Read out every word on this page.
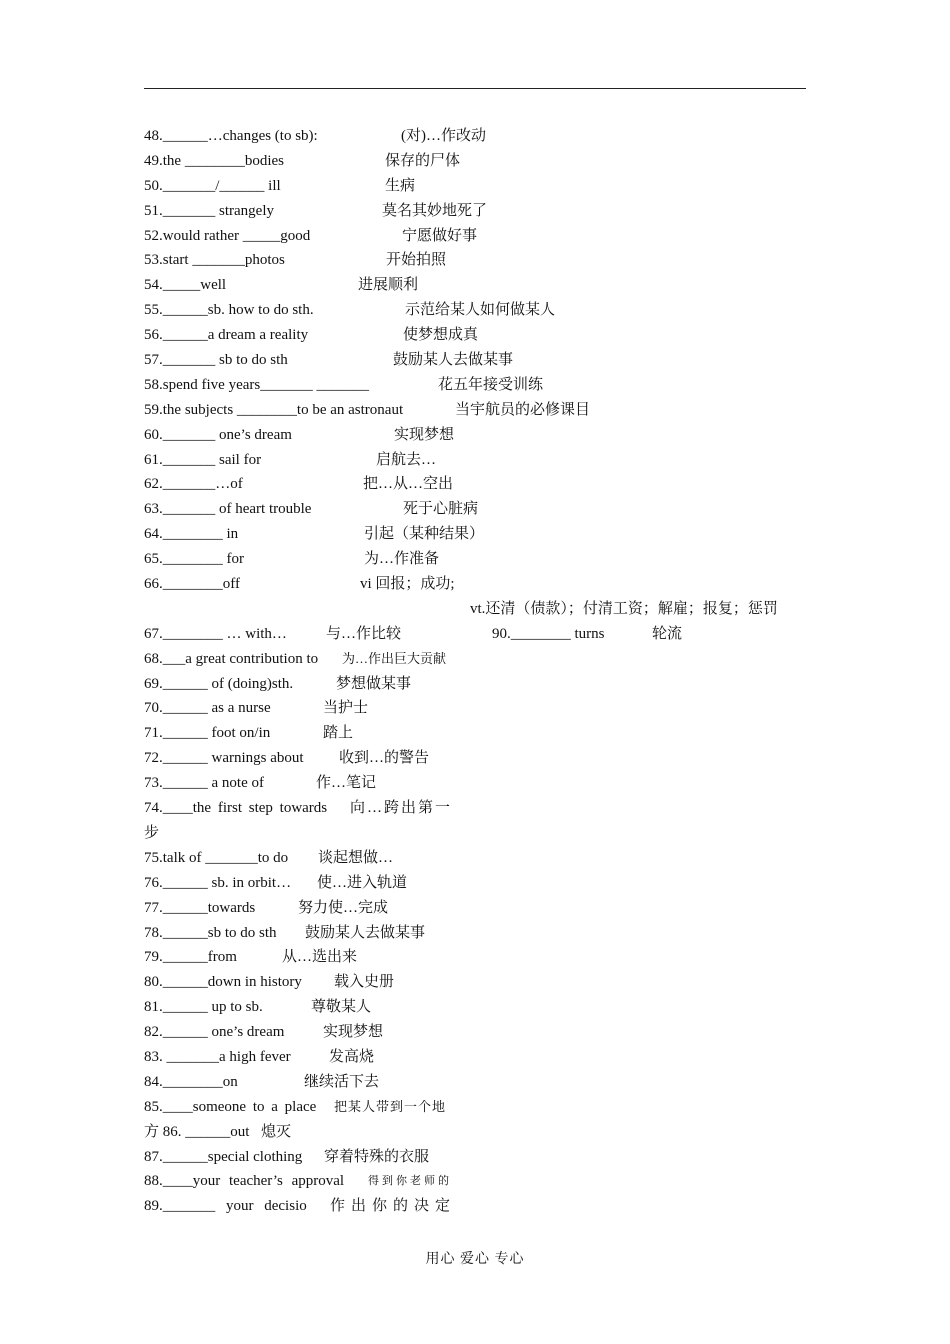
48.______…changes (to sb):	(对)…作改动
49.the ________bodies	保存的尸体
50._______/______ ill	生病
51._______ strangely	莫名其妙地死了
52.would rather _____good	宁愿做好事
53.start _______photos	开始拍照
54._____well	进展顺利
55.______sb. how to do sth.	示范给某人如何做某人
56.______a dream a reality	使梦想成真
57._______ sb to do sth	鼓励某人去做某事
58.spend five years_______ _______	花五年接受训练
59.the subjects ________to be an astronaut	当宇航员的必修课目
60._______ one’s dream	实现梦想
61._______ sail for	启航去…
62._______…of	把…从…空出
63._______ of heart trouble	死于心脏病
64.________ in	引起（某种结果）
65.________ for	为…作准备
66.________off	vi 回报；成功;
vt.还清（债款）；付清工资；解雇；报复；惩罚
67.________ … with…	与…作比较	90.________ turns	轮流
68.___a great contribution to 为…作出巨大贡献
69.______ of (doing)sth.	梦想做某事
70.______ as a nurse	当护士
71.______ foot on/in	踏上
72.______ warnings about 收到…的警告
73.______ a note of	作…笔记
74.____the first step towards 向…跨出第一
步
75.talk of _______to do 谈起想做…
76.______ sb. in orbit… 使…进入轨道
77.______towards	努力使…完成
78.______sb to do sth 鼓励某人去做某事
79.______from	从…选出来
80.______down in history 载入史册
81.______ up to sb.	尊敬某人
82.______ one’s dream	实现梦想
83. _______a high fever	发高烧
84.________on	继续活下去
85.____someone to a place 把某人带到一个地
方 86. ______out 熄灭
87.______special clothing 穿着特殊的衣服
88.____your teacher’s approval 得到你老师的
89._______ your decisio 作出你的决定
用心 爱心 专心
